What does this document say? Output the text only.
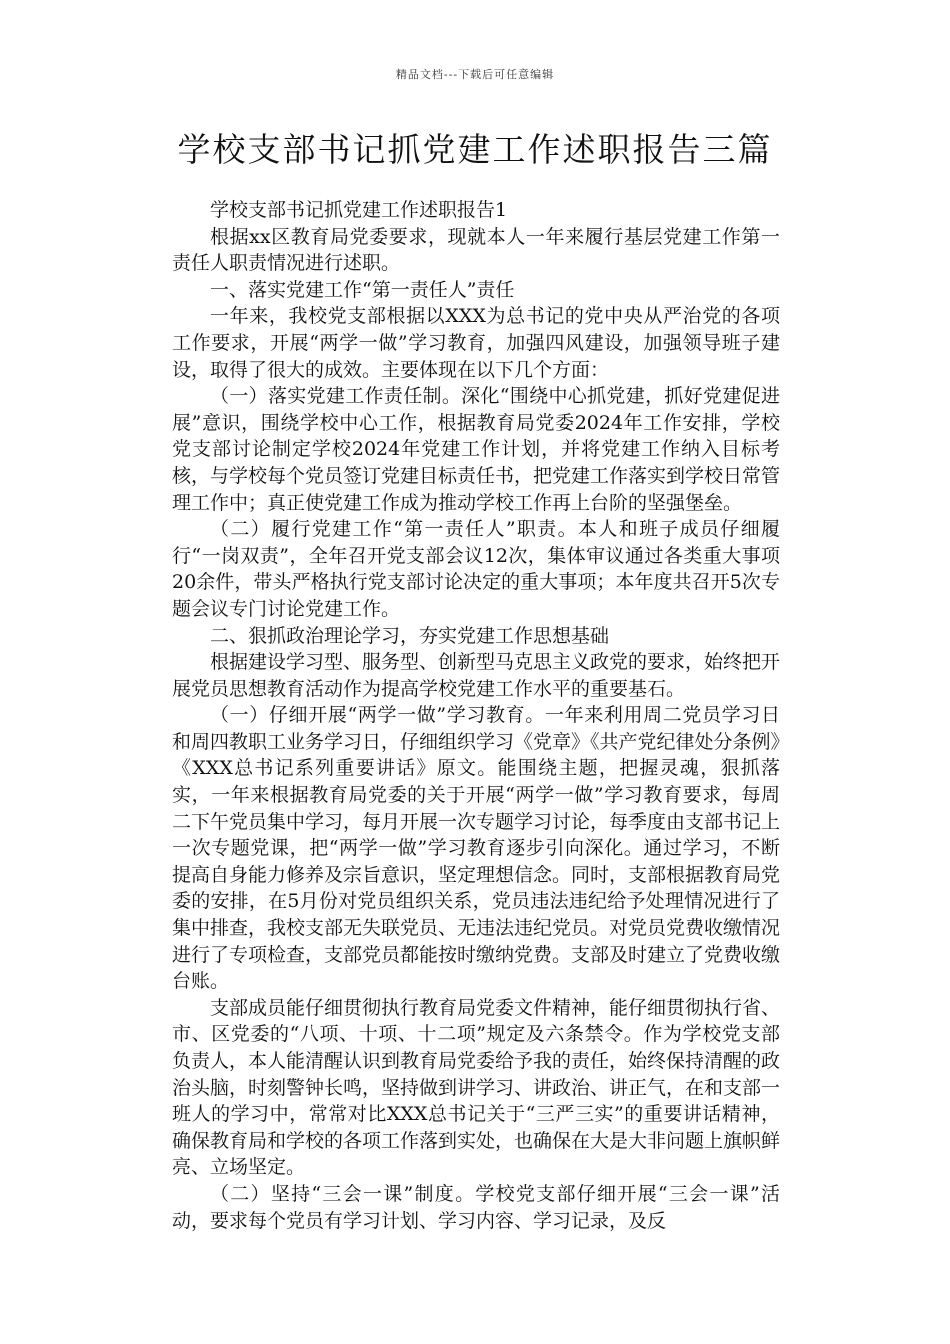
精品文档---下载后可任意编辑
学校支部书记抓党建工作述职报告三篇

学校支部书记抓党建工作述职报告1

根据xx区教育局党委要求，现就本人一年来履行基层党建工作第一责任人职责情况进行述职。

一、落实党建工作“第一责任人”责任

一年来，我校党支部根据以XXX为总书记的党中央从严治党的各项工作要求，开展“两学一做”学习教育，加强四风建设，加强领导班子建设，取得了很大的成效。主要体现在以下几个方面：

（一）落实党建工作责任制。深化“围绕中心抓党建，抓好党建促进展”意识，围绕学校中心工作，根据教育局党委2024年工作安排，学校党支部讨论制定学校2024年党建工作计划，并将党建工作纳入目标考核，与学校每个党员签订党建目标责任书，把党建工作落实到学校日常管理工作中；真正使党建工作成为推动学校工作再上台阶的坚强堡垒。

（二）履行党建工作“第一责任人”职责。本人和班子成员仔细履行“一岗双责”，全年召开党支部会议12次，集体审议通过各类重大事项20余件，带头严格执行党支部讨论决定的重大事项；本年度共召开5次专题会议专门讨论党建工作。

二、狠抓政治理论学习，夯实党建工作思想基础

根据建设学习型、服务型、创新型马克思主义政党的要求，始终把开展党员思想教育活动作为提高学校党建工作水平的重要基石。

（一）仔细开展“两学一做”学习教育。一年来利用周二党员学习日和周四教职工业务学习日，仔细组织学习《党章》《共产党纪律处分条例》《XXX总书记系列重要讲话》原文。能围绕主题，把握灵魂，狠抓落实，一年来根据教育局党委的关于开展“两学一做”学习教育要求，每周二下午党员集中学习，每月开展一次专题学习讨论，每季度由支部书记上一次专题党课，把“两学一做”学习教育逐步引向深化。通过学习，不断提高自身能力修养及宗旨意识，坚定理想信念。同时，支部根据教育局党委的安排，在5月份对党员组织关系，党员违法违纪给予处理情况进行了集中排查，我校支部无失联党员、无违法违纪党员。对党员党费收缴情况进行了专项检查，支部党员都能按时缴纳党费。支部及时建立了党费收缴台账。

支部成员能仔细贯彻执行教育局党委文件精神，能仔细贯彻执行省、市、区党委的“八项、十项、十二项”规定及六条禁令。作为学校党支部负责人，本人能清醒认识到教育局党委给予我的责任，始终保持清醒的政治头脑，时刻警钟长鸣，坚持做到讲学习、讲政治、讲正气，在和支部一班人的学习中，常常对比XXX总书记关于“三严三实”的重要讲话精神，确保教育局和学校的各项工作落到实处，也确保在大是大非问题上旗帜鲜亮、立场坚定。

（二）坚持“三会一课”制度。学校党支部仔细开展“三会一课”活动，要求每个党员有学习计划、学习内容、学习记录，及反
